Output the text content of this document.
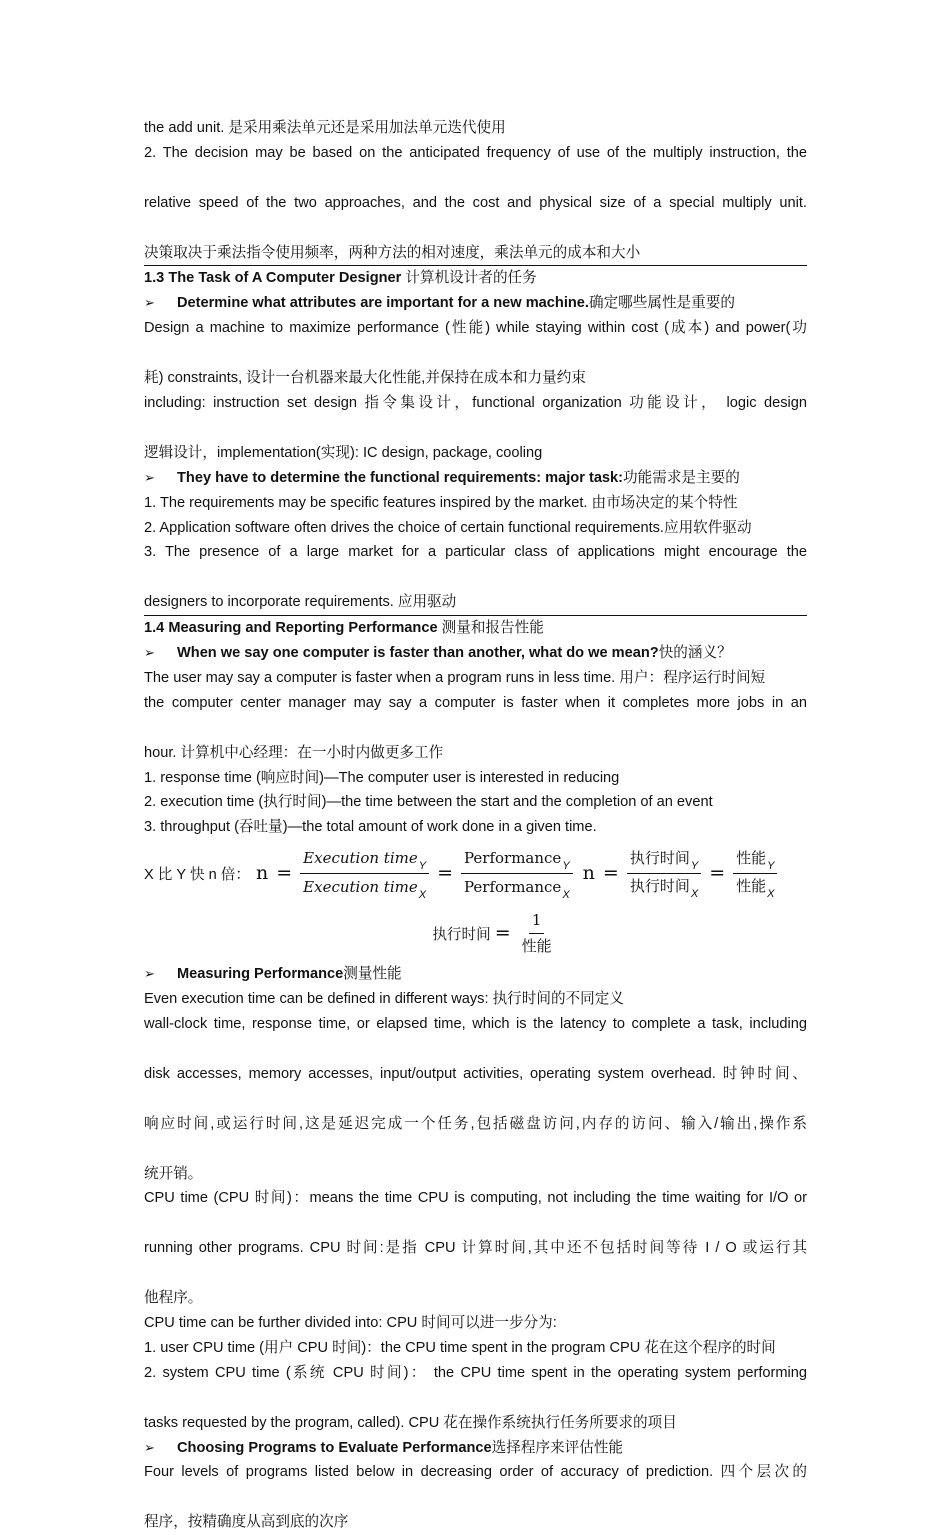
the add unit. 是采用乘法单元还是采用加法单元迭代使用
2. The decision may be based on the anticipated frequency of use of the multiply instruction, the
relative speed of the two approaches, and the cost and physical size of a special multiply unit.
决策取决于乘法指令使用频率，两种方法的相对速度，乘法单元的成本和大小
1.3 The Task of A Computer Designer 计算机设计者的任务
➢	Determine what attributes are important for a new machine. 确定哪些属性是重要的
Design a machine to maximize performance (性能) while staying within cost (成本) and power(功
耗) constraints, 设计一台机器来最大化性能,并保持在成本和力量约束
including: instruction set design 指令集设计，functional organization 功能设计， logic design
逻辑设计，implementation(实现): IC design, package, cooling
➢	They have to determine the functional requirements: major task: 功能需求是主要的
1. The requirements may be specific features inspired by the market. 由市场决定的某个特性
2. Application software often drives the choice of certain functional requirements.应用软件驱动
3. The presence of a large market for a particular class of applications might encourage the
designers to incorporate requirements. 应用驱动
1.4 Measuring and Reporting Performance 测量和报告性能
➢	When we say one computer is faster than another, what do we mean? 快的涵义？
The user may say a computer is faster when a program runs in less time. 用户：程序运行时间短
the computer center manager may say a computer is faster when it completes more jobs in an
hour. 计算机中心经理：在一小时内做更多工作
1. response time (响应时间)—The computer user is interested in reducing
2. execution time (执行时间)—the time between the start and the completion of an event
3. throughput (吞吐量)—the total amount of work done in a given time.
X 比 Y 快 n 倍： $n = \frac{Execution time_Y}{Execution time_X} = \frac{Performance_Y}{Performance_X}$ $n = \frac{执行时间_Y}{执行时间_X} = \frac{性能_Y}{性能_X}$
执行时间 = $\frac{1}{\text{性能}}$
➢	Measuring Performance 测量性能
Even execution time can be defined in different ways: 执行时间的不同定义
wall-clock time, response time, or elapsed time, which is the latency to complete a task, including
disk accesses, memory accesses, input/output activities, operating system overhead. 时钟时间、
响应时间,或运行时间,这是延迟完成一个任务,包括磁盘访问,内存的访问、输入/输出,操作系
统开销。
CPU time (CPU 时间)：means the time CPU is computing, not including the time waiting for I/O or
running other programs. CPU 时间:是指 CPU 计算时间,其中还不包括时间等待 I / O 或运行其
他程序。
CPU time can be further divided into: CPU 时间可以进一步分为:
1. user CPU time (用户 CPU 时间)：the CPU time spent in the program CPU 花在这个程序的时间
2. system CPU time (系统 CPU 时间)： the CPU time spent in the operating system performing
tasks requested by the program, called). CPU 花在操作系统执行任务所要求的项目
➢	Choosing Programs to Evaluate Performance 选择程序来评估性能
Four levels of programs listed below in decreasing order of accuracy of prediction. 四个层次的
程序，按精确度从高到底的次序
